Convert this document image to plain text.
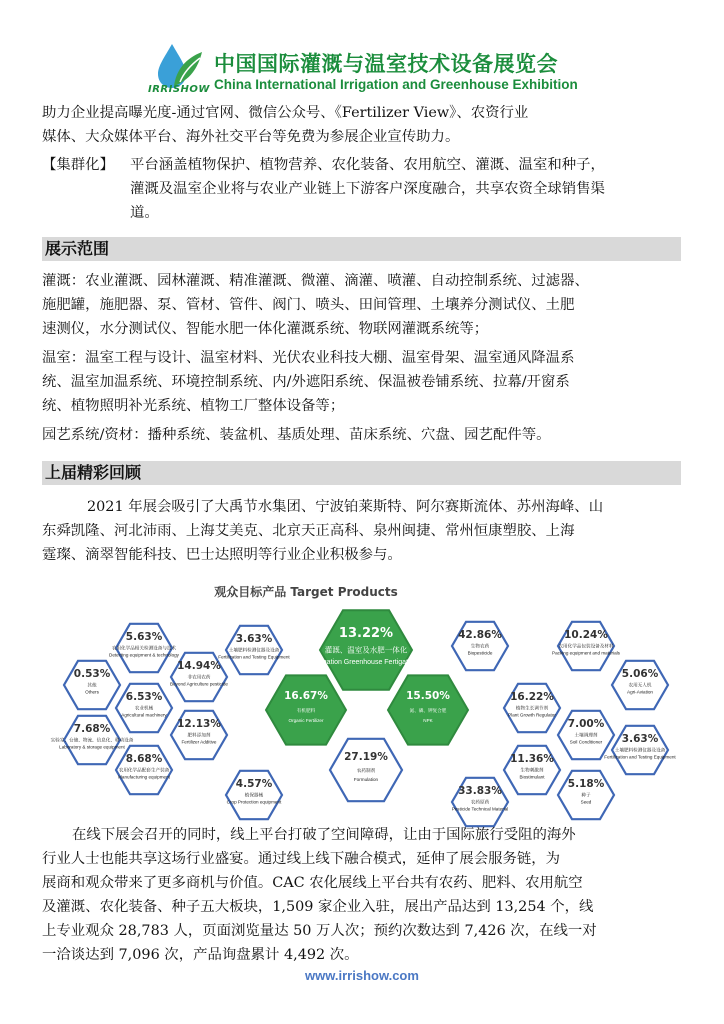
IRRISHOW
中国国际灌溉与温室技术设备展览会
China International Irrigation and Greenhouse Exhibition
助力企业提高曝光度-通过官网、微信公众号、《Fertilizer View》、农资行业
媒体、大众媒体平台、海外社交平台等免费为参展企业宣传助力。
【集群化】	平台涵盖植物保护、植物营养、农化装备、农用航空、灌溉、温室和种子，
灌溉及温室企业将与农业产业链上下游客户深度融合，共享农资全球销售渠
道。
展示范围
灌溉：农业灌溉、园林灌溉、精准灌溉、微灌、滴灌、喷灌、自动控制系统、过滤器、
施肥罐，施肥器、泵、管材、管件、阀门、喷头、田间管理、土壤养分测试仪、土肥
速测仪，水分测试仪、智能水肥一体化灌溉系统、物联网灌溉系统等；
温室：温室工程与设计、温室材料、光伏农业科技大棚、温室骨架、温室通风降温系
统、温室加温系统、环境控制系统、内/外遮阳系统、保温被卷铺系统、拉幕/开窗系
统、植物照明补光系统、植物工厂整体设备等；
园艺系统/资材：播种系统、装盆机、基质处理、苗床系统、穴盘、园艺配件等。
上届精彩回顾
2021 年展会吸引了大禹节水集团、宁波铂莱斯特、阿尔赛斯流体、苏州海峰、山
东舜凯隆、河北沛雨、上海艾美克、北京天正高科、泉州闽捷、常州恒康塑胶、上海
霆璨、滴翠智能科技、巴士达照明等行业企业积极参与。
观众目标产品 Target Products
0.53%
其他
Others
5.63%
农用化学品相关检测设备与技术
Detecting equipment & technology
6.53%
农业机械
Agricultural machinery
7.68%
实验室、仓储、物流、信息化、移动设备
Laboratory & storage equipment
8.68%
农用化学品配套生产装备
Manufacturing equipment
14.94%
非农用农药
Beyond Agriculture pesticide
12.13%
肥料添加剂
Fertilizer Additive
3.63%
土壤肥料检测仪器及设备
Fertilization and Testing Equipment
4.57%
植保器械
Crop Protection equipment
13.22%
灌溉、温室及水肥一体化
Irrigation Greenhouse Fertigation
16.67%
有机肥料
Organic Fertilizer
15.50%
氮、磷、钾复合肥
NPK
27.19%
农药制剂
Formulation
42.86%
生物农药
Biopesticide
16.22%
植物生长调节剂
Plant Growth Regulator
11.36%
生物刺激剂
Biostimulant
33.83%
农药原药
Pesticide Technical Material
10.24%
农用化学品包装设备及材料
Packing equipment and materials
7.00%
土壤调理剂
Soil Conditioner
5.18%
种子
Seed
5.06%
农用无人机
Agri-Aviation
3.63%
土壤肥料检测仪器及设备
Fertilization and Testing Equipment
在线下展会召开的同时，线上平台打破了空间障碍，让由于国际旅行受阻的海外
行业人士也能共享这场行业盛宴。通过线上线下融合模式，延伸了展会服务链，为
展商和观众带来了更多商机与价值。CAC 农化展线上平台共有农药、肥料、农用航空
及灌溉、农化装备、种子五大板块，1,509 家企业入驻，展出产品达到 13,254 个，线
上专业观众 28,783 人，页面浏览量达 50 万人次；预约次数达到 7,426 次，在线一对
一洽谈达到 7,096 次，产品询盘累计 4,492 次。
www.irrishow.com
